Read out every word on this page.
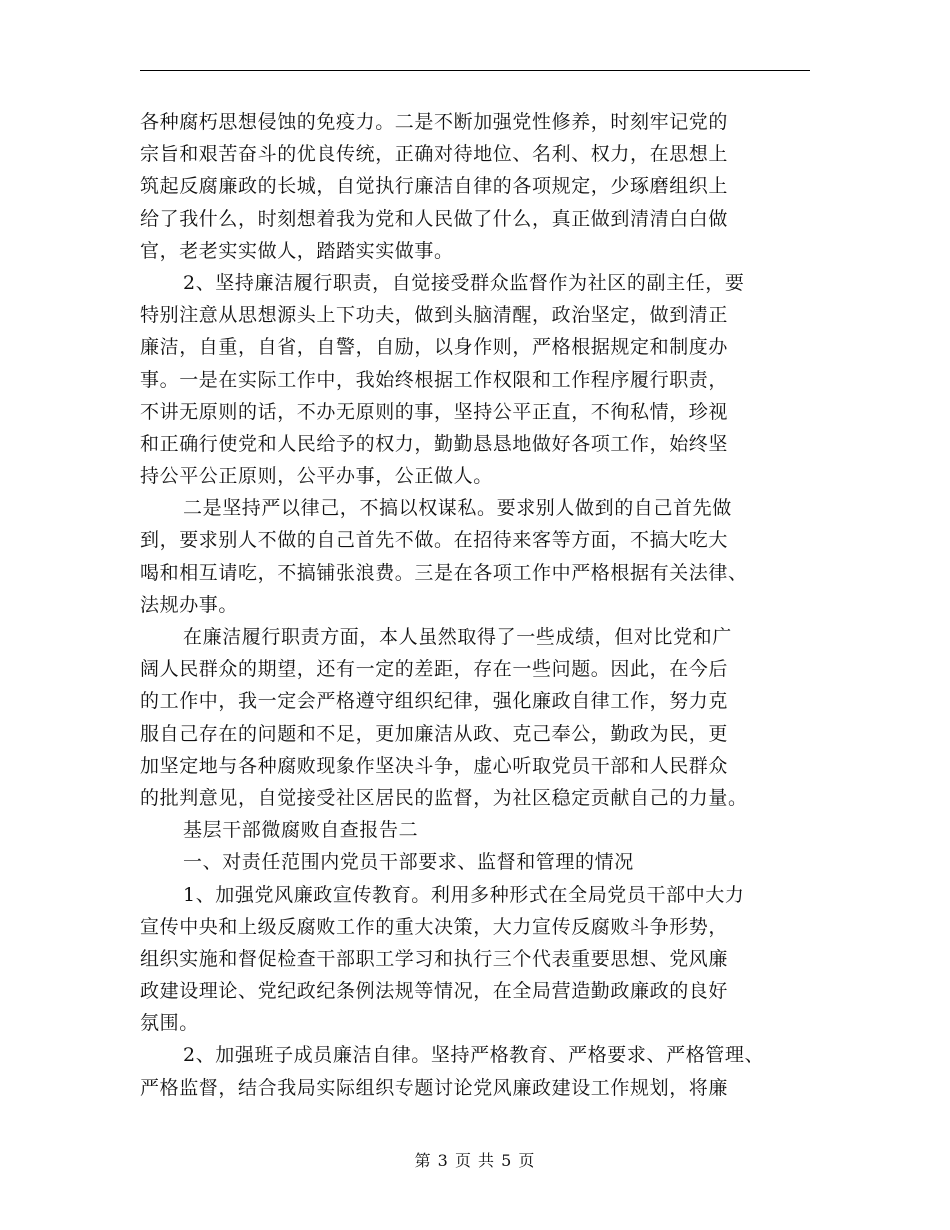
各种腐朽思想侵蚀的免疫力。二是不断加强党性修养，时刻牢记党的
宗旨和艰苦奋斗的优良传统，正确对待地位、名利、权力，在思想上
筑起反腐廉政的长城，自觉执行廉洁自律的各项规定，少琢磨组织上
给了我什么，时刻想着我为党和人民做了什么，真正做到清清白白做
官，老老实实做人，踏踏实实做事。
2、坚持廉洁履行职责，自觉接受群众监督作为社区的副主任，要
特别注意从思想源头上下功夫，做到头脑清醒，政治坚定，做到清正
廉洁，自重，自省，自警，自励，以身作则，严格根据规定和制度办
事。一是在实际工作中，我始终根据工作权限和工作程序履行职责，
不讲无原则的话，不办无原则的事，坚持公平正直，不徇私情，珍视
和正确行使党和人民给予的权力，勤勤恳恳地做好各项工作，始终坚
持公平公正原则，公平办事，公正做人。
二是坚持严以律己，不搞以权谋私。要求别人做到的自己首先做
到，要求别人不做的自己首先不做。在招待来客等方面，不搞大吃大
喝和相互请吃，不搞铺张浪费。三是在各项工作中严格根据有关法律、
法规办事。
在廉洁履行职责方面，本人虽然取得了一些成绩，但对比党和广
阔人民群众的期望，还有一定的差距，存在一些问题。因此，在今后
的工作中，我一定会严格遵守组织纪律，强化廉政自律工作，努力克
服自己存在的问题和不足，更加廉洁从政、克己奉公，勤政为民，更
加坚定地与各种腐败现象作坚决斗争，虚心听取党员干部和人民群众
的批判意见，自觉接受社区居民的监督，为社区稳定贡献自己的力量。
基层干部微腐败自查报告二
一、对责任范围内党员干部要求、监督和管理的情况
1、加强党风廉政宣传教育。利用多种形式在全局党员干部中大力
宣传中央和上级反腐败工作的重大决策，大力宣传反腐败斗争形势，
组织实施和督促检查干部职工学习和执行三个代表重要思想、党风廉
政建设理论、党纪政纪条例法规等情况，在全局营造勤政廉政的良好
氛围。
2、加强班子成员廉洁自律。坚持严格教育、严格要求、严格管理、
严格监督，结合我局实际组织专题讨论党风廉政建设工作规划，将廉
第 3 页 共 5 页
